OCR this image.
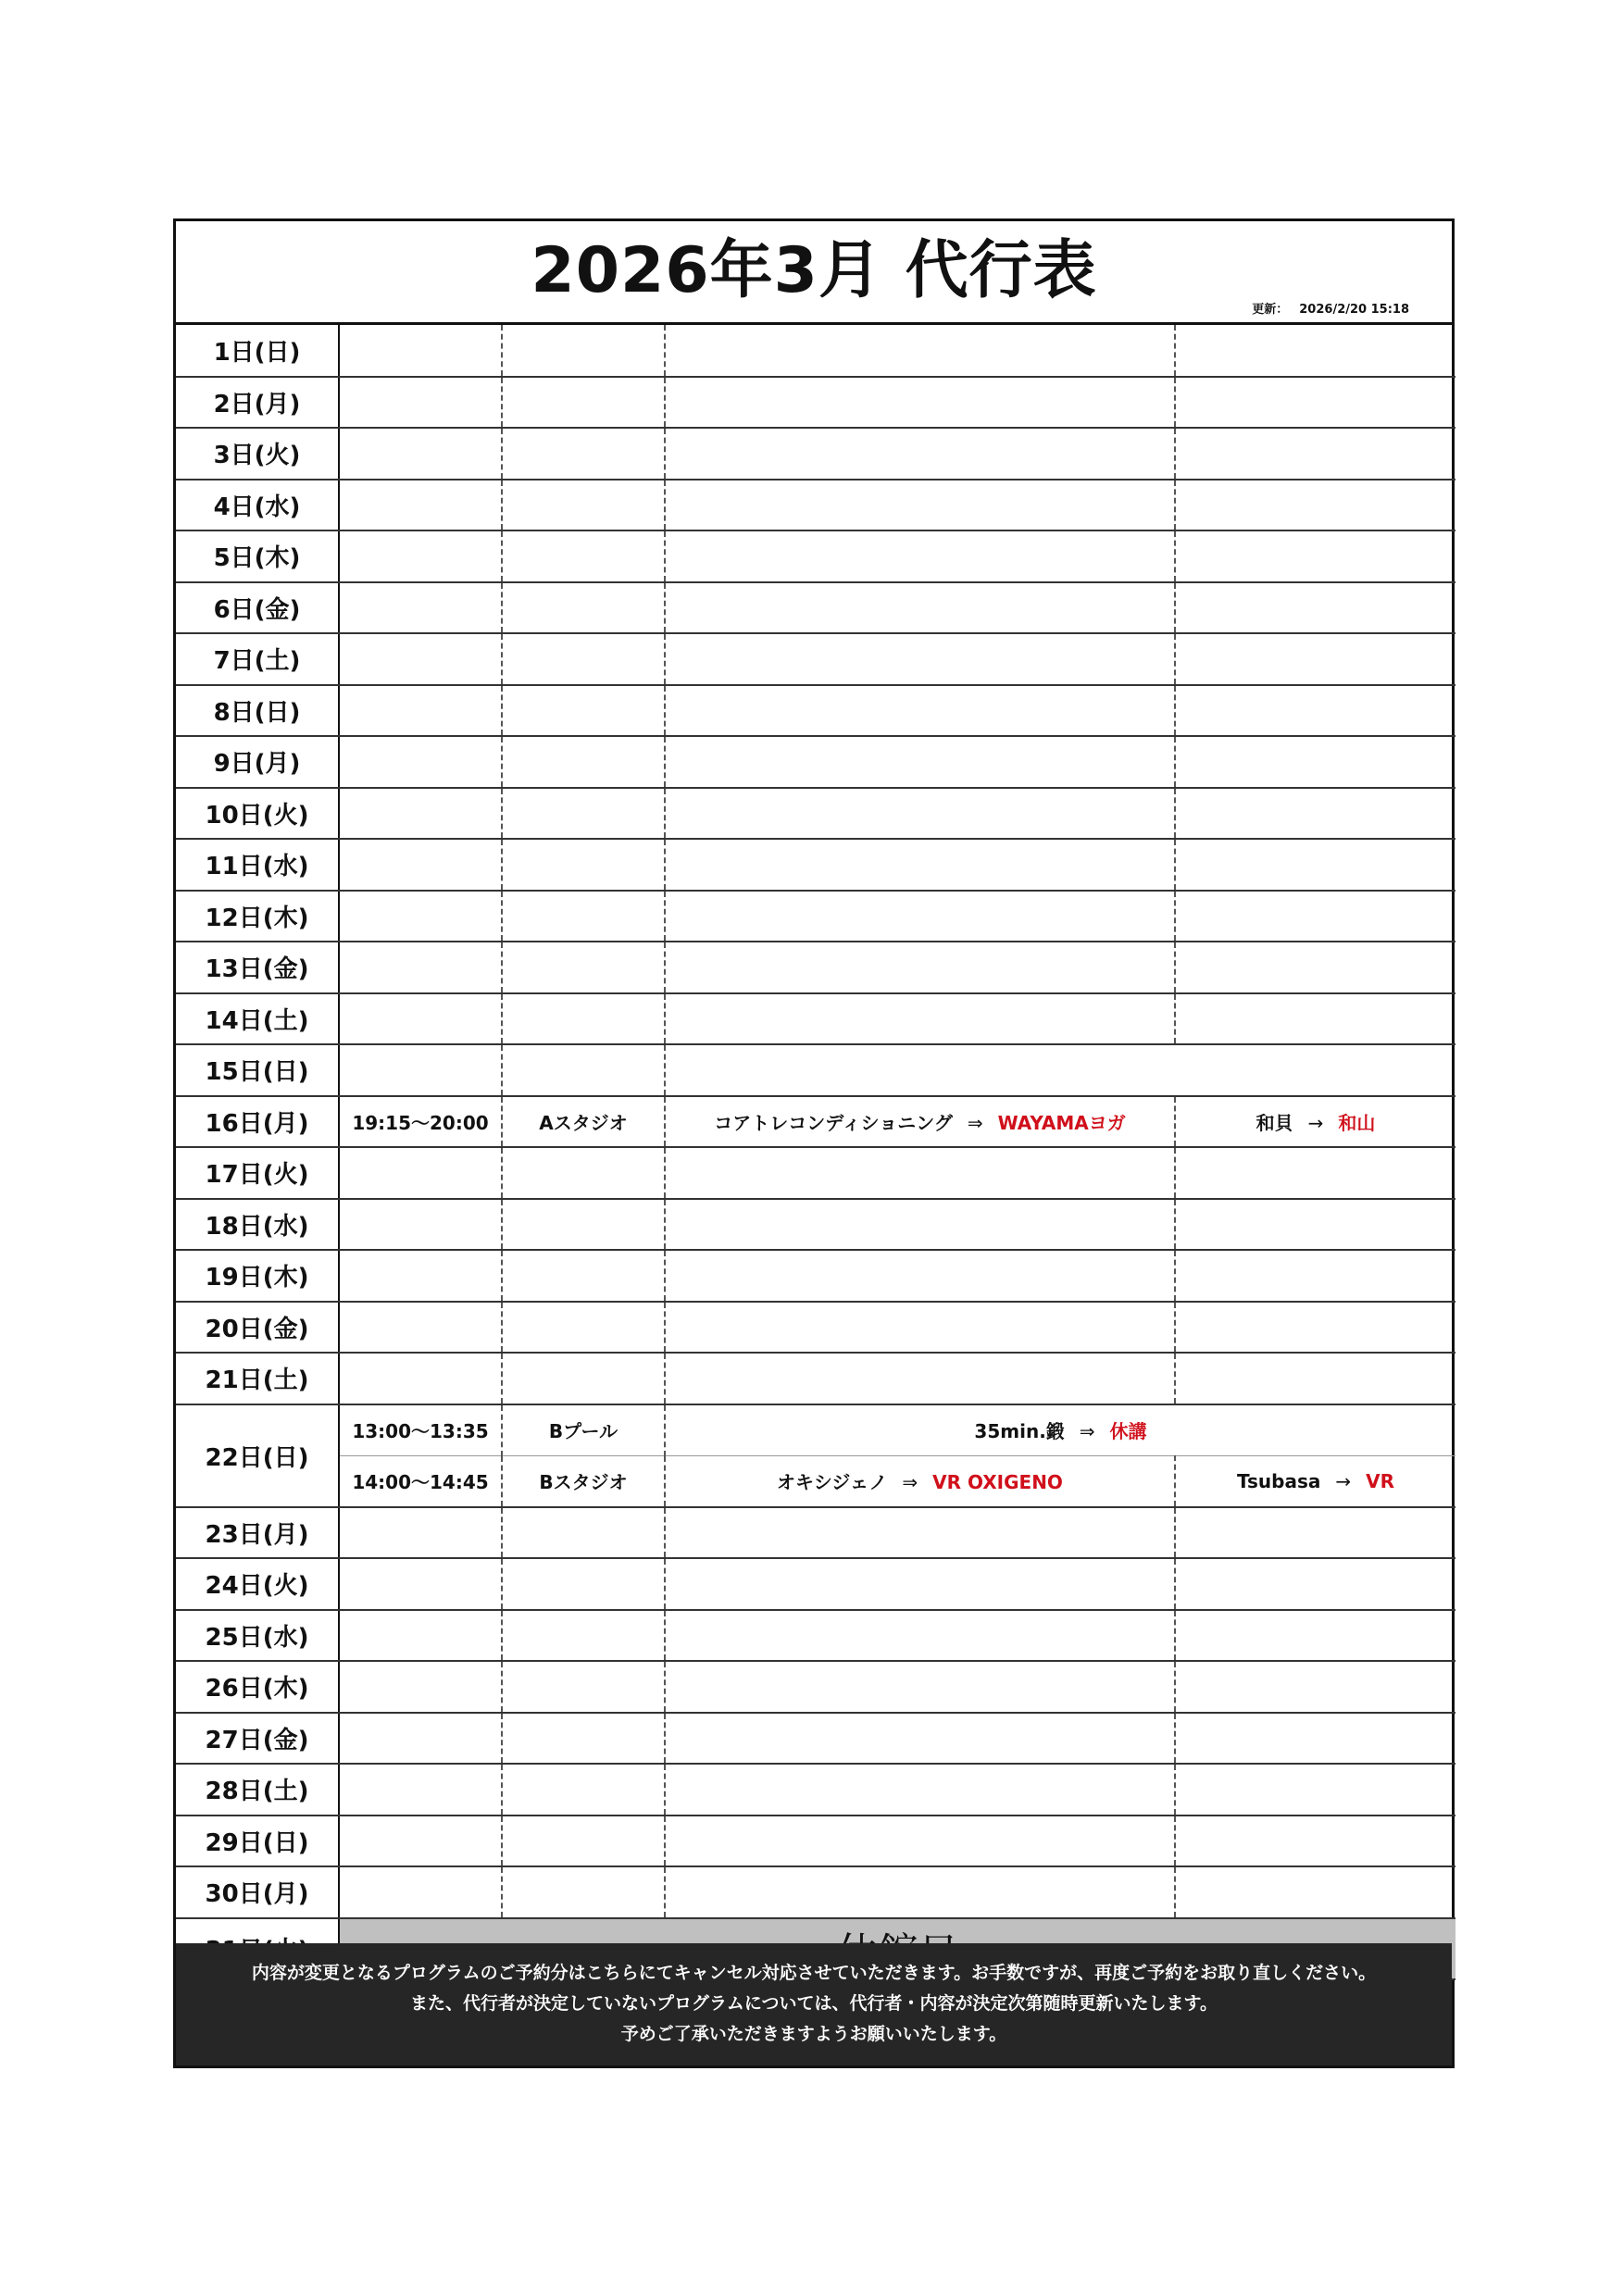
2026年3月 代行表
更新： 2026/2/20 15:18
1日(日)				
2日(月)				
3日(火)				
4日(水)				
5日(木)				
6日(金)				
7日(土)				
8日(日)				
9日(月)				
10日(火)				
11日(水)				
12日(木)				
13日(金)				
14日(土)				
15日(日)				
16日(月)	19:15〜20:00	Aスタジオ	コアトレコンディショニング ⇒ WAYAMAヨガ	和貝 → 和山
17日(火)				
18日(水)				
19日(木)				
20日(金)				
21日(土)				
22日(日)	13:00〜13:35	Bプール	35min.鍛 ⇒ 休講	
	14:00〜14:45	Bスタジオ	オキシジェノ ⇒ VR OXIGENO	Tsubasa → VR
23日(月)				
24日(火)				
25日(水)				
26日(木)				
27日(金)				
28日(土)				
29日(日)				
30日(月)				

内容が変更となるプログラムのご予約分はこちらにてキャンセル対応させていただきます。お手数ですが、再度ご予約をお取り直しください。
また、代行者が決定していないプログラムについては、代行者・内容が決定次第随時更新いたします。
予めご了承いただきますようお願いいたします。
